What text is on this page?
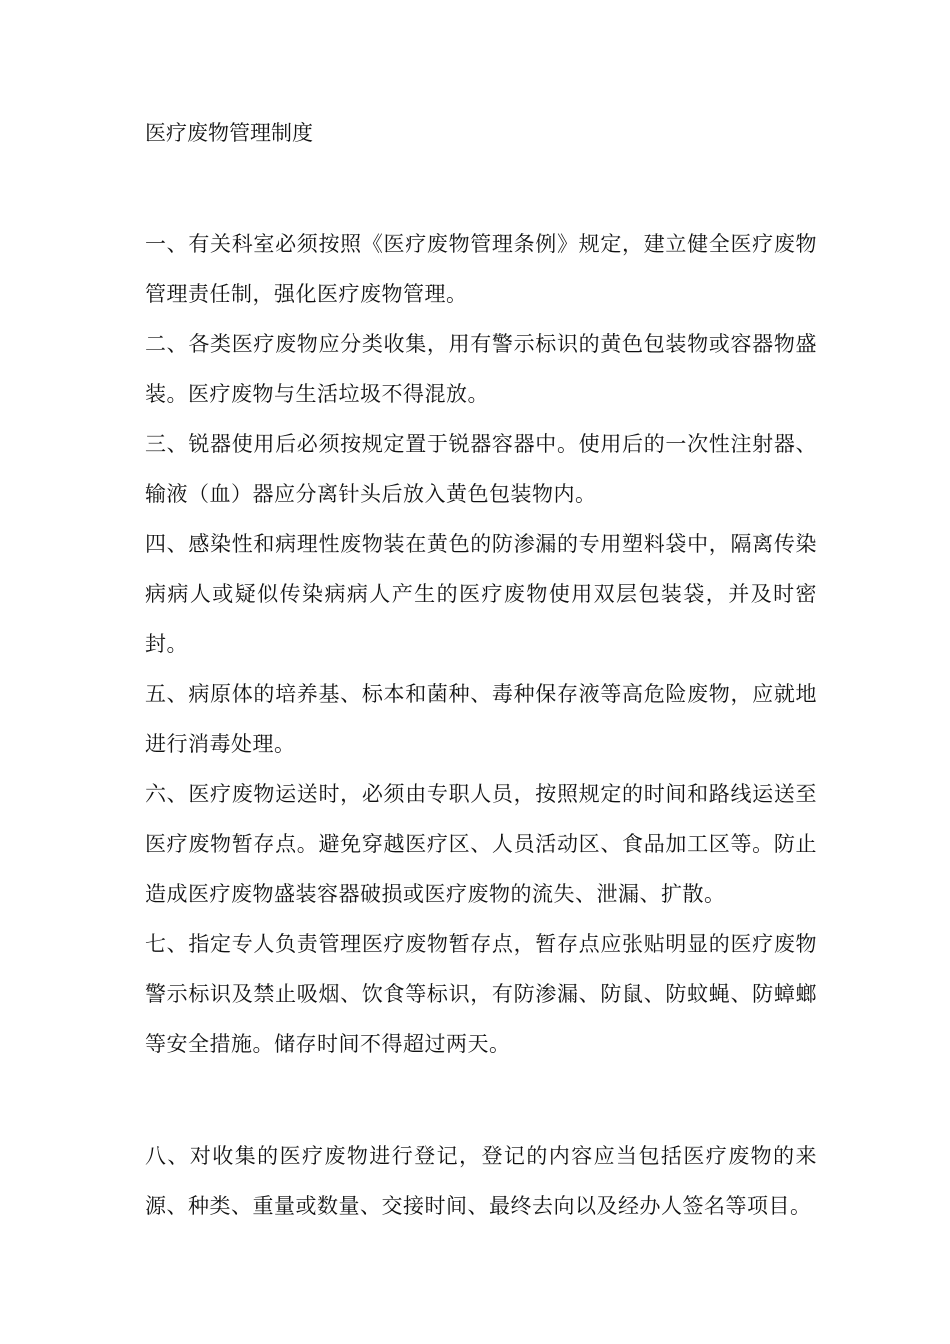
医疗废物管理制度

一、有关科室必须按照《医疗废物管理条例》规定，建立健全医疗废物管理责任制，强化医疗废物管理。

二、各类医疗废物应分类收集，用有警示标识的黄色包装物或容器物盛装。医疗废物与生活垃圾不得混放。

三、锐器使用后必须按规定置于锐器容器中。使用后的一次性注射器、输液（血）器应分离针头后放入黄色包装物内。

四、感染性和病理性废物装在黄色的防渗漏的专用塑料袋中，隔离传染病病人或疑似传染病病人产生的医疗废物使用双层包装袋，并及时密封。

五、病原体的培养基、标本和菌种、毒种保存液等高危险废物，应就地进行消毒处理。

六、医疗废物运送时，必须由专职人员，按照规定的时间和路线运送至医疗废物暂存点。避免穿越医疗区、人员活动区、食品加工区等。防止造成医疗废物盛装容器破损或医疗废物的流失、泄漏、扩散。

七、指定专人负责管理医疗废物暂存点，暂存点应张贴明显的医疗废物警示标识及禁止吸烟、饮食等标识，有防渗漏、防鼠、防蚊蝇、防蟑螂等安全措施。储存时间不得超过两天。

八、对收集的医疗废物进行登记，登记的内容应当包括医疗废物的来源、种类、重量或数量、交接时间、最终去向以及经办人签名等项目。
